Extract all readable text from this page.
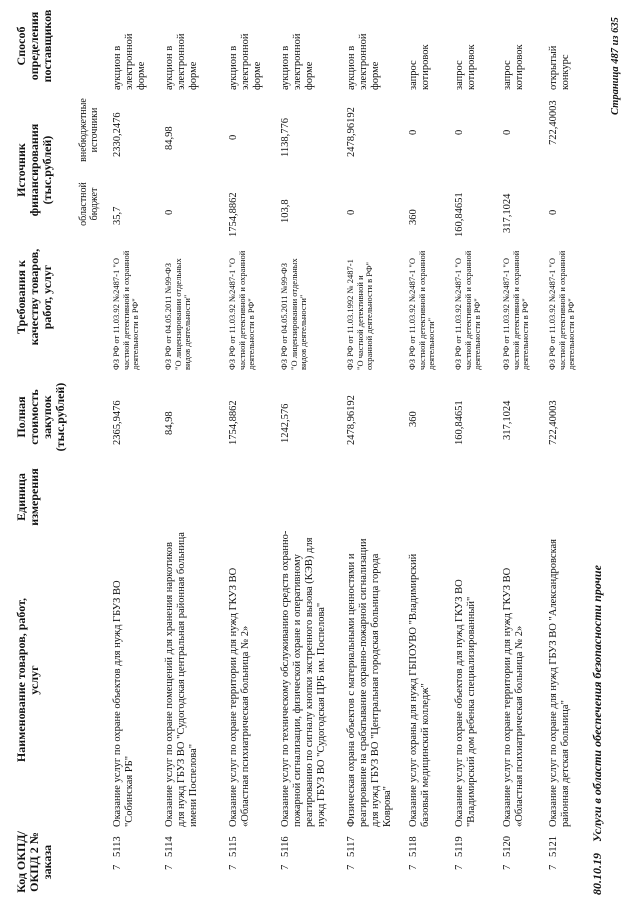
Код ОКПД/ ОКПД 2 № заказа
Наименование товаров, работ, услуг
Единица измерения
Полная стоимость закупок (тыс.рублей)
Требования к качеству товаров, работ, услуг
Источник финансирования (тыс.рублей) областной бюджет
внебюджетные источники
Способ определения поставщиков
7
5113
Оказание услуг по охране объектов для нужд ГБУЗ ВО "Собинская РБ"
2365,9476
ФЗ РФ от 11.03.92 №2487-1 "О частной детективной и охранной деятельности в РФ"
35,7
2330,2476
аукцион в электронной форме
7
5114
Оказание услуг по охране помещений для хранения наркотиков для нужд ГБУЗ ВО "Судогодская центральная районная больница имени Поспелова"
84,98
ФЗ РФ от 04.05.2011 №99-ФЗ "О лицензировании отдельных видов деятельности"
0
84,98
аукцион в электронной форме
7
5115
Оказание услуг по охране территории для нужд ГКУЗ ВО «Областная психиатрическая больница № 2»
1754,8862
ФЗ РФ от 11.03.92 №2487-1 "О частной детективной и охранной деятельности в РФ"
1754,8862
0
аукцион в электронной форме
7
5116
Оказание услуг по техническому обслуживанию средств охранно-пожарной сигнализации, физической охране и оперативному реагированию по сигналу кнопки экстренного вызова (КЭВ) для нужд ГБУЗ ВО "Судогодская ЦРБ им. Поспелова"
1242,576
ФЗ РФ от 04.05.2011 №99-ФЗ "О лицензировании отдельных видов деятельности"
103,8
1138,776
аукцион в электронной форме
7
5117
Физическая охрана объектов с материальными ценностями и реагирование на срабатывание охранно-пожарной сигнализации для нужд ГБУЗ ВО "Центральная городская больница города Коврова"
2478,96192
ФЗ РФ от 11.03.1992 № 2487-1 "О частной детективной и охранной деятельности в РФ"
0
2478,96192
аукцион в электронной форме
7
5118
Оказание услуг охраны для нужд ГБПОУВО "Владимирский базовый медицинский колледж"
360
ФЗ РФ от 11.03.92 №2487-1 "О частной детективной и охранной деятельности"
360
0
запрос котировок
7
5119
Оказание услуг по охране объектов для нужд ГКУЗ ВО "Владимирский дом ребенка специализированный"
160,84651
ФЗ РФ от 11.03.92 №2487-1 "О частной детективной и охранной деятельности в РФ"
160,84651
0
запрос котировок
7
5120
Оказание услуг по охране территории для нужд ГКУЗ ВО «Областная психиатрическая больница № 2»
317,1024
ФЗ РФ от 11.03.92 №2487-1 "О частной детективной и охранной деятельности в РФ"
317,1024
0
запрос котировок
7
5121
Оказание услуг по охране для нужд ГБУЗ ВО "Александровская районная детская больница"
722,40003
ФЗ РФ от 11.03.92 №2487-1 "О частной детективной и охранной деятельности в РФ"
0
722,40003
открытый конкурс
80.10.19 Услуги в области обеспечения безопасности прочие
Страница 487 из 635
